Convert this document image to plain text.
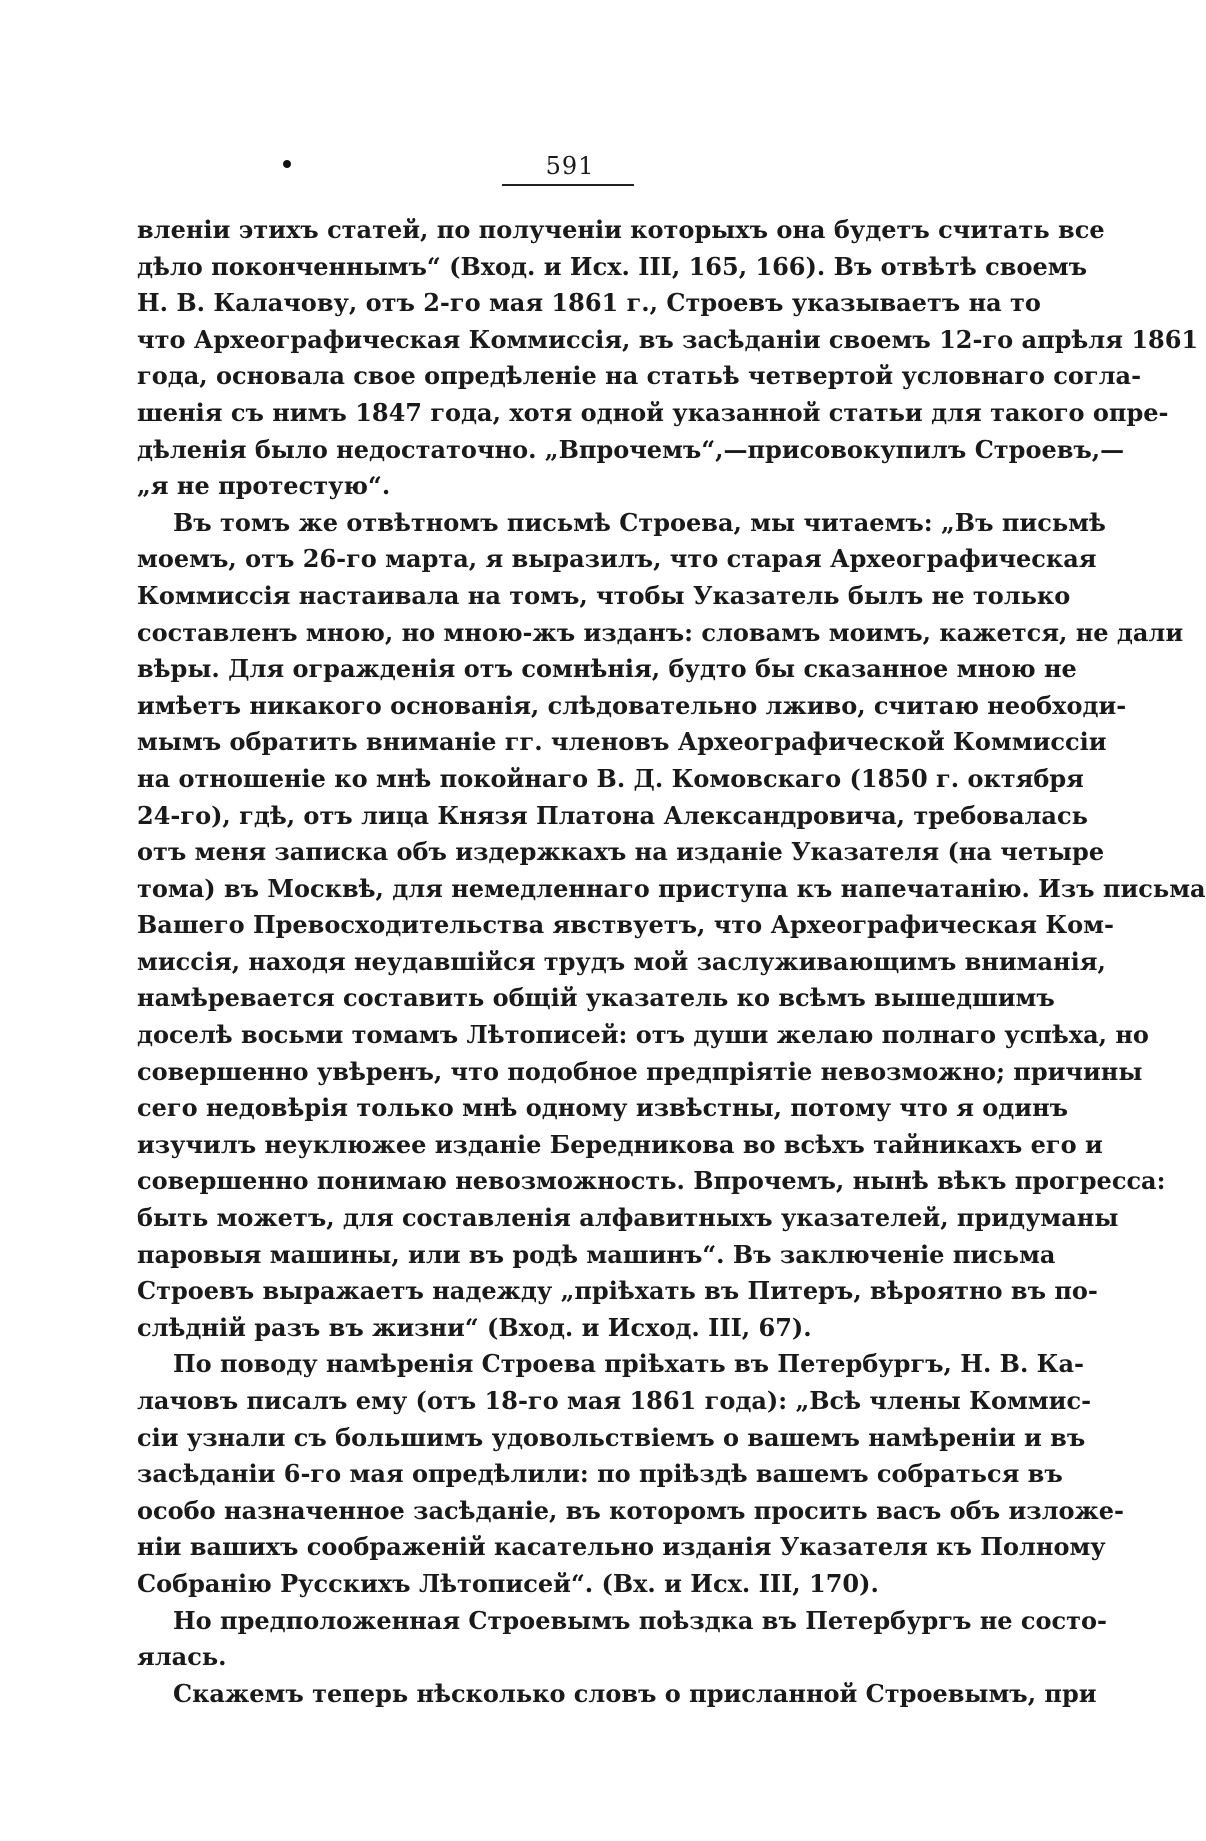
591
вленiи этихъ статей, по полученiи которыхъ она будетъ считать все
дѣло поконченнымъ“ (Вход. и Исх. III, 165, 166). Въ отвѣтѣ своемъ
Н. В. Калачову, отъ 2-го мая 1861 г., Строевъ указываетъ на то
что Археографическая Коммиссiя, въ засѣданiи своемъ 12-го апрѣля 1861
года, основала свое опредѣленiе на статьѣ четвертой условнаго согла-
шенiя съ нимъ 1847 года, хотя одной указанной статьи для такого опре-
дѣленiя было недостаточно. „Впрочемъ“,—присовокупилъ Строевъ,—
„я не протестую“.
Въ томъ же отвѣтномъ письмѣ Строева, мы читаемъ: „Въ письмѣ
моемъ, отъ 26-го марта, я выразилъ, что старая Археографическая
Коммиссiя настаивала на томъ, чтобы Указатель былъ не только
составленъ мною, но мною-жъ изданъ: словамъ моимъ, кажется, не дали
вѣры. Для огражденiя отъ сомнѣнiя, будто бы сказанное мною не
имѣетъ никакого основанiя, слѣдовательно лживо, считаю необходи-
мымъ обратить вниманiе гг. членовъ Археографической Коммиссiи
на отношенiе ко мнѣ покойнаго В. Д. Комовскаго (1850 г. октября
24-го), гдѣ, отъ лица Князя Платона Александровича, требовалась
отъ меня записка объ издержкахъ на изданiе Указателя (на четыре
тома) въ Москвѣ, для немедленнаго приступа къ напечатанiю. Изъ письма
Вашего Превосходительства явствуетъ, что Археографическая Ком-
миссiя, находя неудавшiйся трудъ мой заслуживающимъ вниманiя,
намѣревается составить общiй указатель ко всѣмъ вышедшимъ
доселѣ восьми томамъ Лѣтописей: отъ души желаю полнаго успѣха, но
совершенно увѣренъ, что подобное предпрiятiе невозможно; причины
сего недовѣрiя только мнѣ одному извѣстны, потому что я одинъ
изучилъ неуклюжее изданiе Бередникова во всѣхъ тайникахъ его и
совершенно понимаю невозможность. Впрочемъ, нынѣ вѣкъ прогресса:
быть можетъ, для составленiя алфавитныхъ указателей, придуманы
паровыя машины, или въ родѣ машинъ“. Въ заключенiе письма
Строевъ выражаетъ надежду „прiѣхать въ Питеръ, вѣроятно въ по-
слѣднiй разъ въ жизни“ (Вход. и Исход. III, 67).
По поводу намѣренiя Строева прiѣхать въ Петербургъ, Н. В. Ка-
лачовъ писалъ ему (отъ 18-го мая 1861 года): „Всѣ члены Коммис-
сiи узнали съ большимъ удовольствiемъ о вашемъ намѣренiи и въ
засѣданiи 6-го мая опредѣлили: по прiѣздѣ вашемъ собраться въ
особо назначенное засѣданiе, въ которомъ просить васъ объ изложе-
нiи вашихъ соображенiй касательно изданiя Указателя къ Полному
Собранiю Русскихъ Лѣтописей“. (Вх. и Исх. III, 170).
Но предположенная Строевымъ поѣздка въ Петербургъ не состо-
ялась.
Скажемъ теперь нѣсколько словъ о присланной Строевымъ, при
